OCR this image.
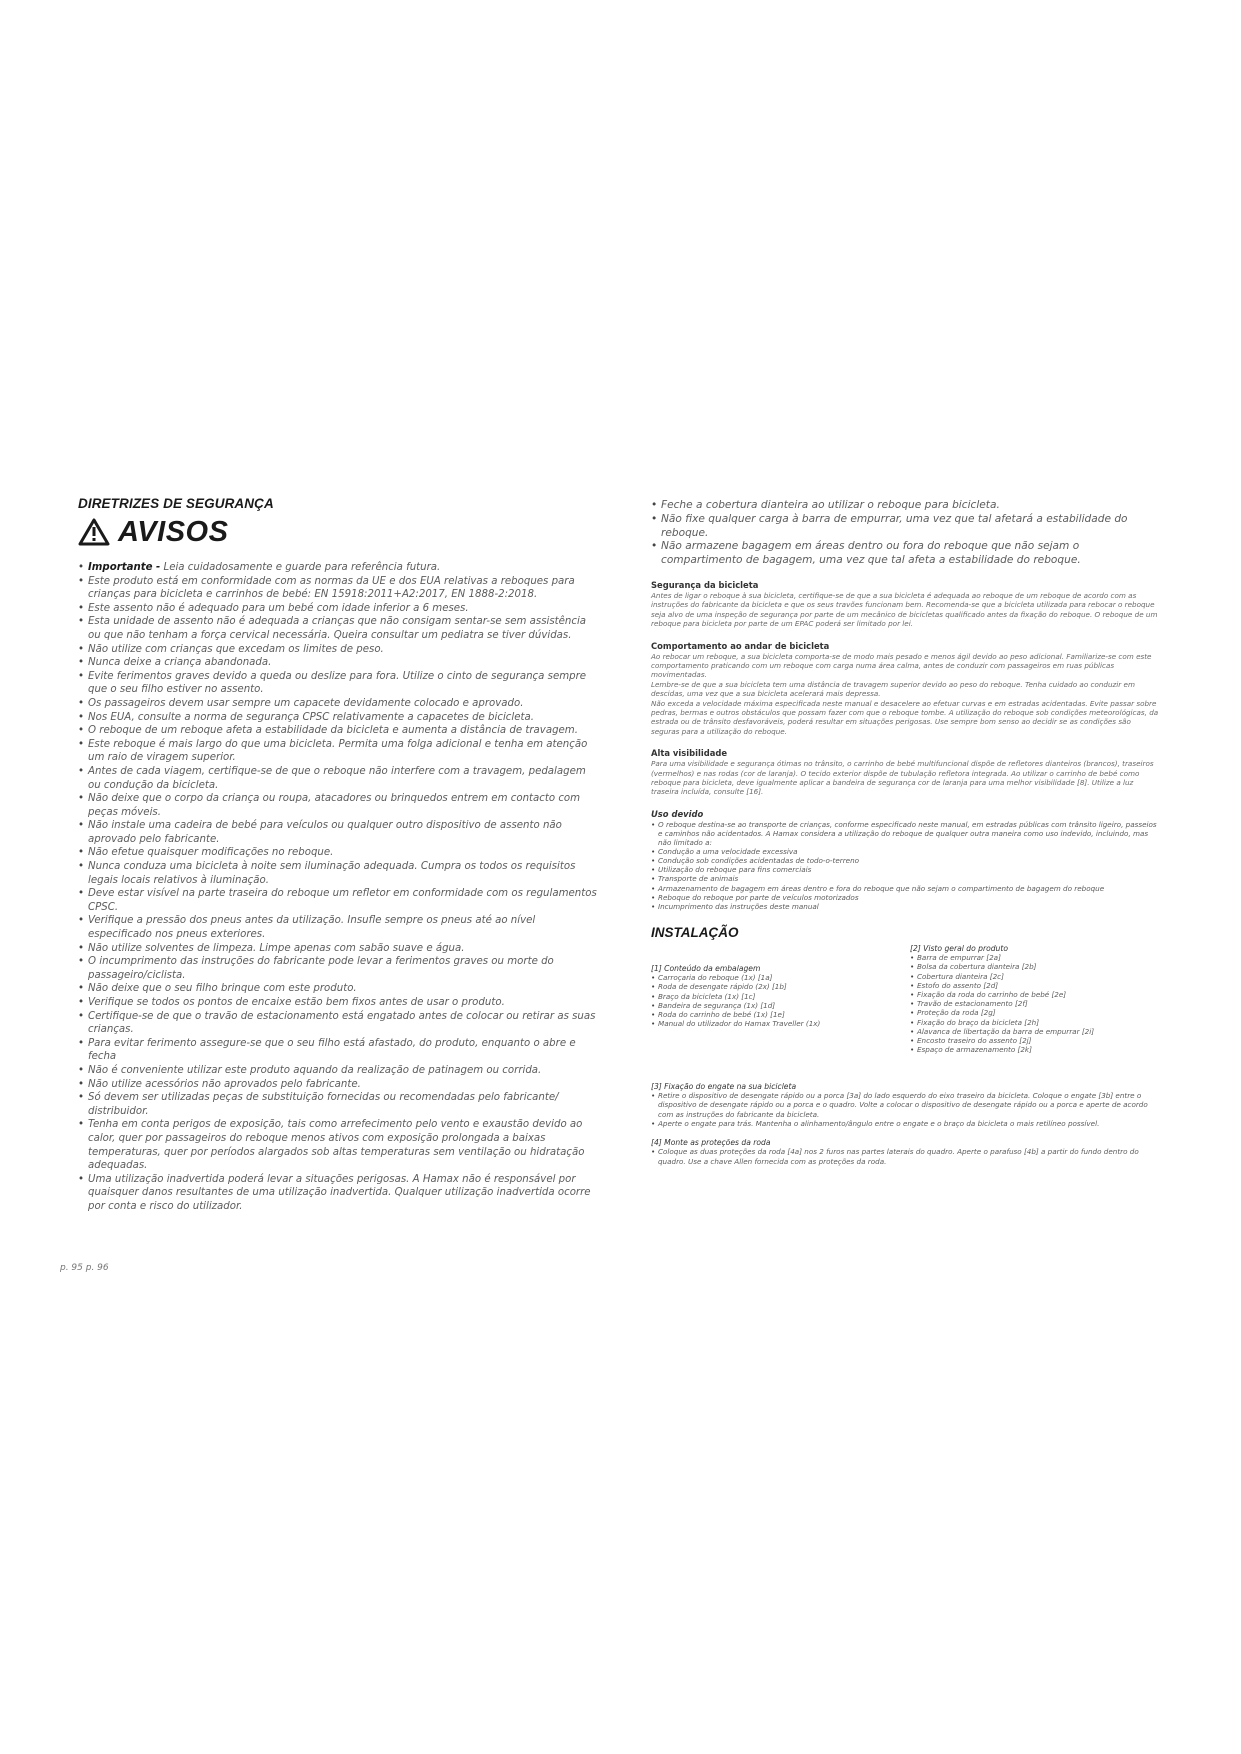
DIRETRIZES DE SEGURANÇA
AVISOS
• Importante - Leia cuidadosamente e guarde para referência futura.
• Este produto está em conformidade com as normas da UE e dos EUA relativas a reboques para crianças para bicicleta e carrinhos de bebé: EN 15918:2011+A2:2017, EN 1888-2:2018.
• Este assento não é adequado para um bebé com idade inferior a 6 meses.
• Esta unidade de assento não é adequada a crianças que não consigam sentar-se sem assistência ou que não tenham a força cervical necessária. Queira consultar um pediatra se tiver dúvidas.
• Não utilize com crianças que excedam os limites de peso.
• Nunca deixe a criança abandonada.
• Evite ferimentos graves devido a queda ou deslize para fora. Utilize o cinto de segurança sempre que o seu filho estiver no assento.
• Os passageiros devem usar sempre um capacete devidamente colocado e aprovado.
• Nos EUA, consulte a norma de segurança CPSC relativamente a capacetes de bicicleta.
• O reboque de um reboque afeta a estabilidade da bicicleta e aumenta a distância de travagem.
• Este reboque é mais largo do que uma bicicleta. Permita uma folga adicional e tenha em atenção um raio de viragem superior.
• Antes de cada viagem, certifique-se de que o reboque não interfere com a travagem, pedalagem ou condução da bicicleta.
• Não deixe que o corpo da criança ou roupa, atacadores ou brinquedos entrem em contacto com peças móveis.
• Não instale uma cadeira de bebé para veículos ou qualquer outro dispositivo de assento não aprovado pelo fabricante.
• Não efetue quaisquer modificações no reboque.
• Nunca conduza uma bicicleta à noite sem iluminação adequada. Cumpra os todos os requisitos legais locais relativos à iluminação.
• Deve estar visível na parte traseira do reboque um refletor em conformidade com os regulamentos CPSC.
• Verifique a pressão dos pneus antes da utilização. Insufle sempre os pneus até ao nível especificado nos pneus exteriores.
• Não utilize solventes de limpeza. Limpe apenas com sabão suave e água.
• O incumprimento das instruções do fabricante pode levar a ferimentos graves ou morte do passageiro/ciclista.
• Não deixe que o seu filho brinque com este produto.
• Verifique se todos os pontos de encaixe estão bem fixos antes de usar o produto.
• Certifique-se de que o travão de estacionamento está engatado antes de colocar ou retirar as suas crianças.
• Para evitar ferimento assegure-se que o seu filho está afastado, do produto, enquanto o abre e fecha
• Não é conveniente utilizar este produto aquando da realização de patinagem ou corrida.
• Não utilize acessórios não aprovados pelo fabricante.
• Só devem ser utilizadas peças de substituição fornecidas ou recomendadas pelo fabricante/ distribuidor.
• Tenha em conta perigos de exposição, tais como arrefecimento pelo vento e exaustão devido ao calor, quer por passageiros do reboque menos ativos com exposição prolongada a baixas temperaturas, quer por períodos alargados sob altas temperaturas sem ventilação ou hidratação adequadas.
• Uma utilização inadvertida poderá levar a situações perigosas. A Hamax não é responsável por quaisquer danos resultantes de uma utilização inadvertida. Qualquer utilização inadvertida ocorre por conta e risco do utilizador.
p. 95 p. 96
• Feche a cobertura dianteira ao utilizar o reboque para bicicleta.
• Não fixe qualquer carga à barra de empurrar, uma vez que tal afetará a estabilidade do reboque.
• Não armazene bagagem em áreas dentro ou fora do reboque que não sejam o compartimento de bagagem, uma vez que tal afeta a estabilidade do reboque.
Segurança da bicicleta

Antes de ligar o reboque à sua bicicleta, certifique-se de que a sua bicicleta é adequada ao reboque de um reboque de acordo com as instruções do fabricante da bicicleta e que os seus travões funcionam bem. Recomenda-se que a bicicleta utilizada para rebocar o reboque seja alvo de uma inspeção de segurança por parte de um mecânico de bicicletas qualificado antes da fixação do reboque. O reboque de um reboque para bicicleta por parte de um EPAC poderá ser limitado por lei.

Comportamento ao andar de bicicleta

Ao rebocar um reboque, a sua bicicleta comporta-se de modo mais pesado e menos ágil devido ao peso adicional. Familiarize-se com este comportamento praticando com um reboque com carga numa área calma, antes de conduzir com passageiros em ruas públicas movimentadas.

Lembre-se de que a sua bicicleta tem uma distância de travagem superior devido ao peso do reboque. Tenha cuidado ao conduzir em descidas, uma vez que a sua bicicleta acelerará mais depressa.

Não exceda a velocidade máxima especificada neste manual e desacelere ao efetuar curvas e em estradas acidentadas. Evite passar sobre pedras, bermas e outros obstáculos que possam fazer com que o reboque tombe. A utilização do reboque sob condições meteorológicas, da estrada ou de trânsito desfavoráveis, poderá resultar em situações perigosas. Use sempre bom senso ao decidir se as condições são seguras para a utilização do reboque.

Alta visibilidade

Para uma visibilidade e segurança ótimas no trânsito, o carrinho de bebé multifuncional dispõe de refletores dianteiros (brancos), traseiros (vermelhos) e nas rodas (cor de laranja). O tecido exterior dispõe de tubulação refletora integrada. Ao utilizar o carrinho de bebé como reboque para bicicleta, deve igualmente aplicar a bandeira de segurança cor de laranja para uma melhor visibilidade [8]. Utilize a luz traseira incluída, consulte [16].

Uso devido
• O reboque destina-se ao transporte de crianças, conforme especificado neste manual, em estradas públicas com trânsito ligeiro, passeios e caminhos não acidentados. A Hamax considera a utilização do reboque de qualquer outra maneira como uso indevido, incluindo, mas não limitado a:
• Condução a uma velocidade excessiva
• Condução sob condições acidentadas de todo-o-terreno
• Utilização do reboque para fins comerciais
• Transporte de animais
• Armazenamento de bagagem em áreas dentro e fora do reboque que não sejam o compartimento de bagagem do reboque
• Reboque do reboque por parte de veículos motorizados
• Incumprimento das instruções deste manual
INSTALAÇÃO

[1] Conteúdo da embalagem

• Carroçaria do reboque (1x) [1a]
• Roda de desengate rápido (2x) [1b]
• Braço da bicicleta (1x) [1c]
• Bandeira de segurança (1x) [1d]
• Roda do carrinho de bebé (1x) [1e]
• Manual do utilizador do Hamax Traveller (1x)

[2] Visto geral do produto

• Barra de empurrar [2a]
• Bolsa da cobertura dianteira [2b]
• Cobertura dianteira [2c]
• Estofo do assento [2d]
• Fixação da roda do carrinho de bebé [2e]
• Travão de estacionamento [2f]
• Proteção da roda [2g]
• Fixação do braço da bicicleta [2h]
• Alavanca de libertação da barra de empurrar [2i]
• Encosto traseiro do assento [2j]
• Espaço de armazenamento [2k]

[3] Fixação do engate na sua bicicleta

• Retire o dispositivo de desengate rápido ou a porca [3a] do lado esquerdo do eixo traseiro da bicicleta. Coloque o engate [3b] entre o dispositivo de desengate rápido ou a porca e o quadro. Volte a colocar o dispositivo de desengate rápido ou a porca e aperte de acordo com as instruções do fabricante da bicicleta.
• Aperte o engate para trás. Mantenha o alinhamento/ângulo entre o engate e o braço da bicicleta o mais retilíneo possível.

[4] Monte as proteções da roda

• Coloque as duas proteções da roda [4a] nos 2 furos nas partes laterais do quadro. Aperte o parafuso [4b] a partir do fundo dentro do quadro. Use a chave Allen fornecida com as proteções da roda.
